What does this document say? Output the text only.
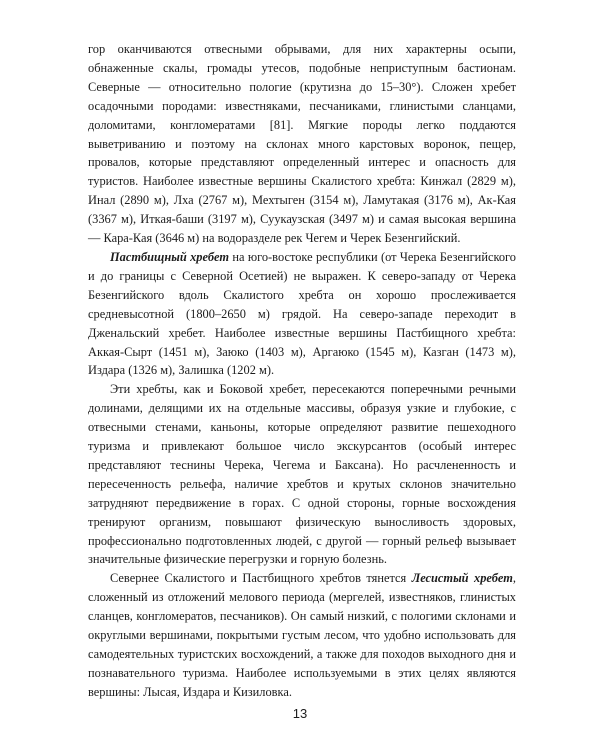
гор оканчиваются отвесными обрывами, для них характерны осыпи, обнаженные скалы, громады утесов, подобные неприступным бастионам. Северные — относительно пологие (крутизна до 15–30°). Сложен хребет осадочными породами: известняками, песчаниками, глинистыми сланцами, доломитами, конгломератами [81]. Мягкие породы легко поддаются выветриванию и поэтому на склонах много карстовых воронок, пещер, провалов, которые представляют определенный интерес и опасность для туристов. Наиболее известные вершины Скалистого хребта: Кинжал (2829 м), Инал (2890 м), Лха (2767 м), Мехтыген (3154 м), Ламутакая (3176 м), Ак-Кая (3367 м), Иткая-баши (3197 м), Суукаузская (3497 м) и самая высокая вершина — Кара-Кая (3646 м) на водоразделе рек Чегем и Черек Безенгийский.

Пастбищный хребет на юго-востоке республики (от Черека Безенгийского и до границы с Северной Осетией) не выражен. К северо-западу от Черека Безенгийского вдоль Скалистого хребта он хорошо прослеживается средневысотной (1800–2650 м) грядой. На северо-западе переходит в Дженальский хребет. Наиболее известные вершины Пастбищного хребта: Аккая-Сырт (1451 м), Заюко (1403 м), Аргаюко (1545 м), Казган (1473 м), Издара (1326 м), Залишка (1202 м).

Эти хребты, как и Боковой хребет, пересекаются поперечными речными долинами, делящими их на отдельные массивы, образуя узкие и глубокие, с отвесными стенами, каньоны, которые определяют развитие пешеходного туризма и привлекают большое число экскурсантов (особый интерес представляют теснины Черека, Чегема и Баксана). Но расчлененность и пересеченность рельефа, наличие хребтов и крутых склонов значительно затрудняют передвижение в горах. С одной стороны, горные восхождения тренируют организм, повышают физическую выносливость здоровых, профессионально подготовленных людей, с другой — горный рельеф вызывает значительные физические перегрузки и горную болезнь.

Севернее Скалистого и Пастбищного хребтов тянется Лесистый хребет, сложенный из отложений мелового периода (мергелей, известняков, глинистых сланцев, конгломератов, песчаников). Он самый низкий, с пологими склонами и округлыми вершинами, покрытыми густым лесом, что удобно использовать для самодеятельных туристских восхождений, а также для походов выходного дня и познавательного туризма. Наиболее используемыми в этих целях являются вершины: Лысая, Издара и Кизиловка.

13
